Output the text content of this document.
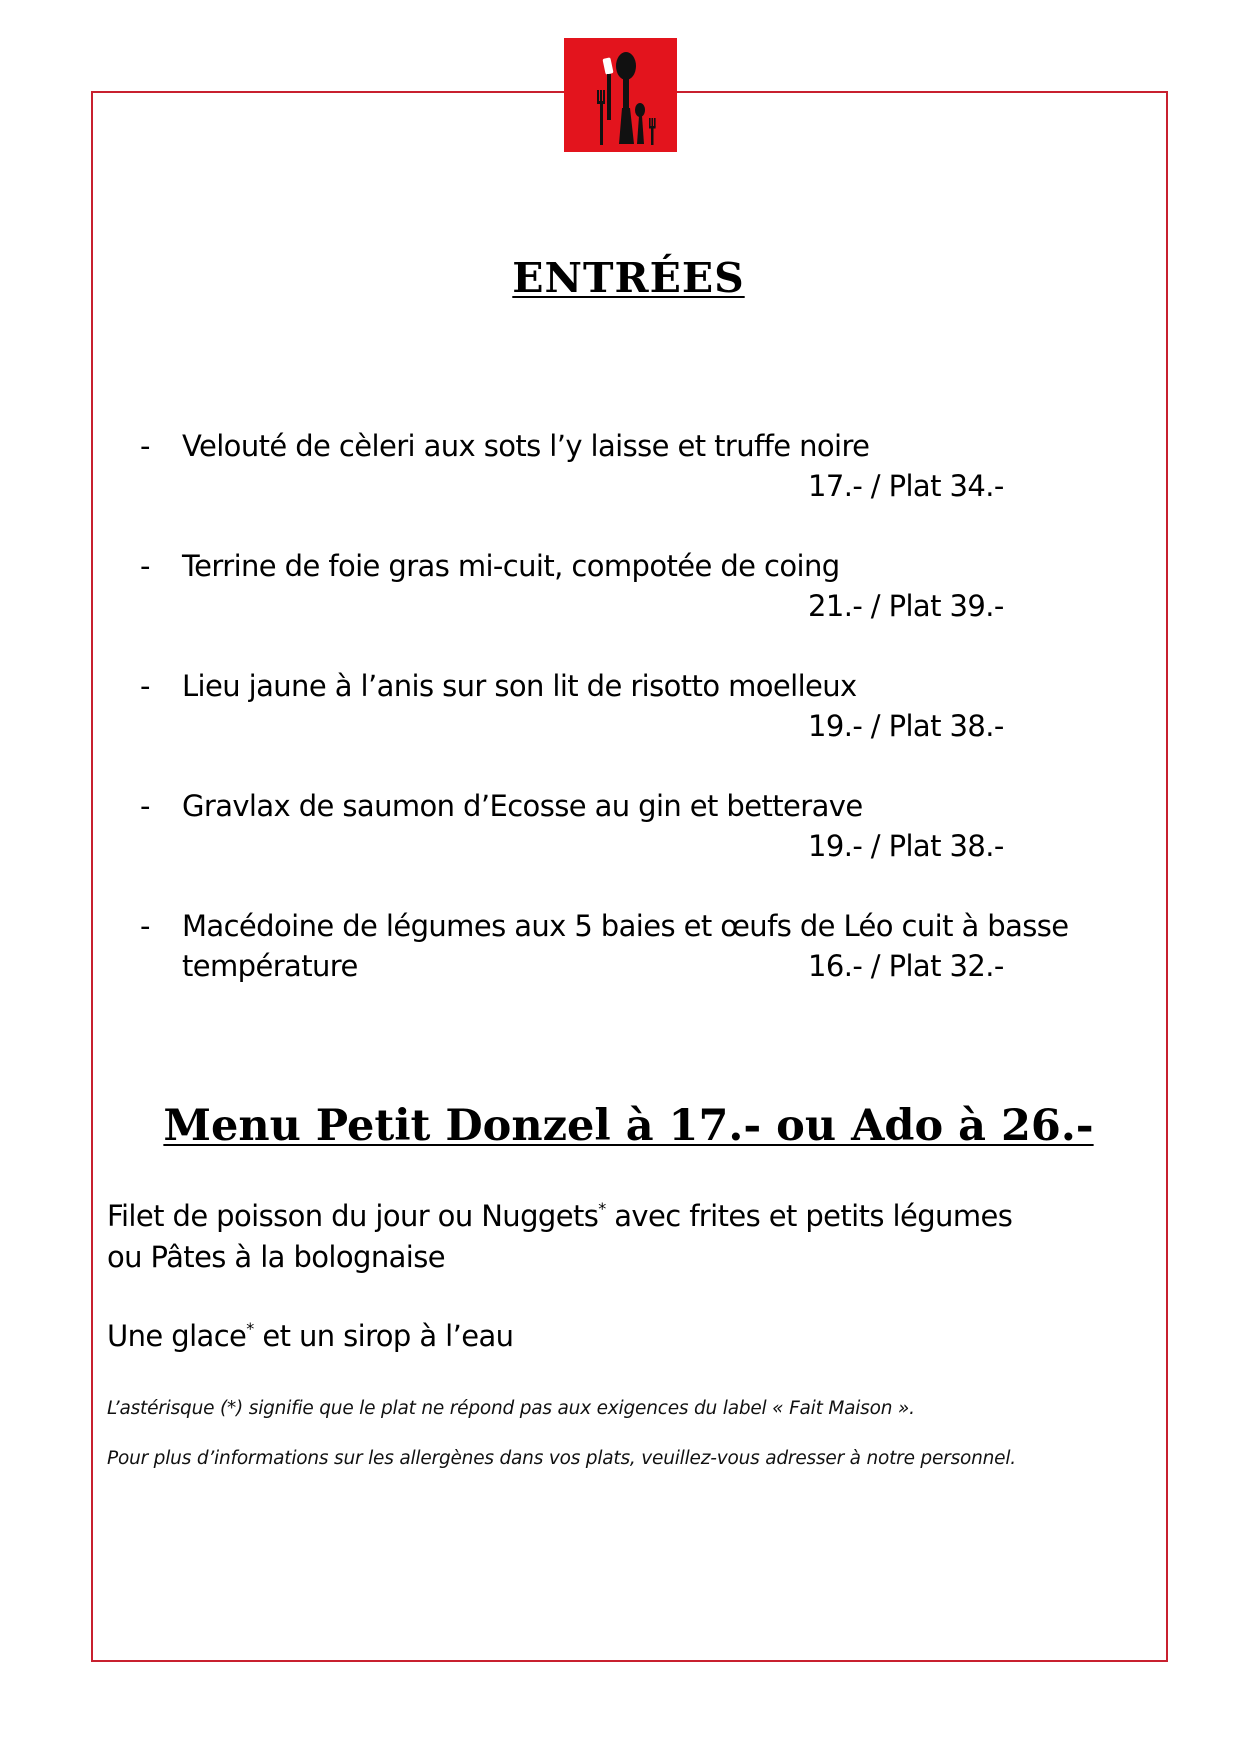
ENTRÉES
- Velouté de cèleri aux sots l’y laisse et truffe noire
17.- / Plat 34.-
- Terrine de foie gras mi-cuit, compotée de coing
21.- / Plat 39.-
- Lieu jaune à l’anis sur son lit de risotto moelleux
19.- / Plat 38.-
- Gravlax de saumon d’Ecosse au gin et betterave
19.- / Plat 38.-
- Macédoine de légumes aux 5 baies et œufs de Léo cuit à basse
température	16.- / Plat 32.-
Menu Petit Donzel à 17.- ou Ado à 26.-
Filet de poisson du jour ou Nuggets* avec frites et petits légumes
ou Pâtes à la bolognaise
Une glace* et un sirop à l’eau
L’astérisque (*) signifie que le plat ne répond pas aux exigences du label « Fait Maison ».
Pour plus d’informations sur les allergènes dans vos plats, veuillez-vous adresser à notre personnel.
